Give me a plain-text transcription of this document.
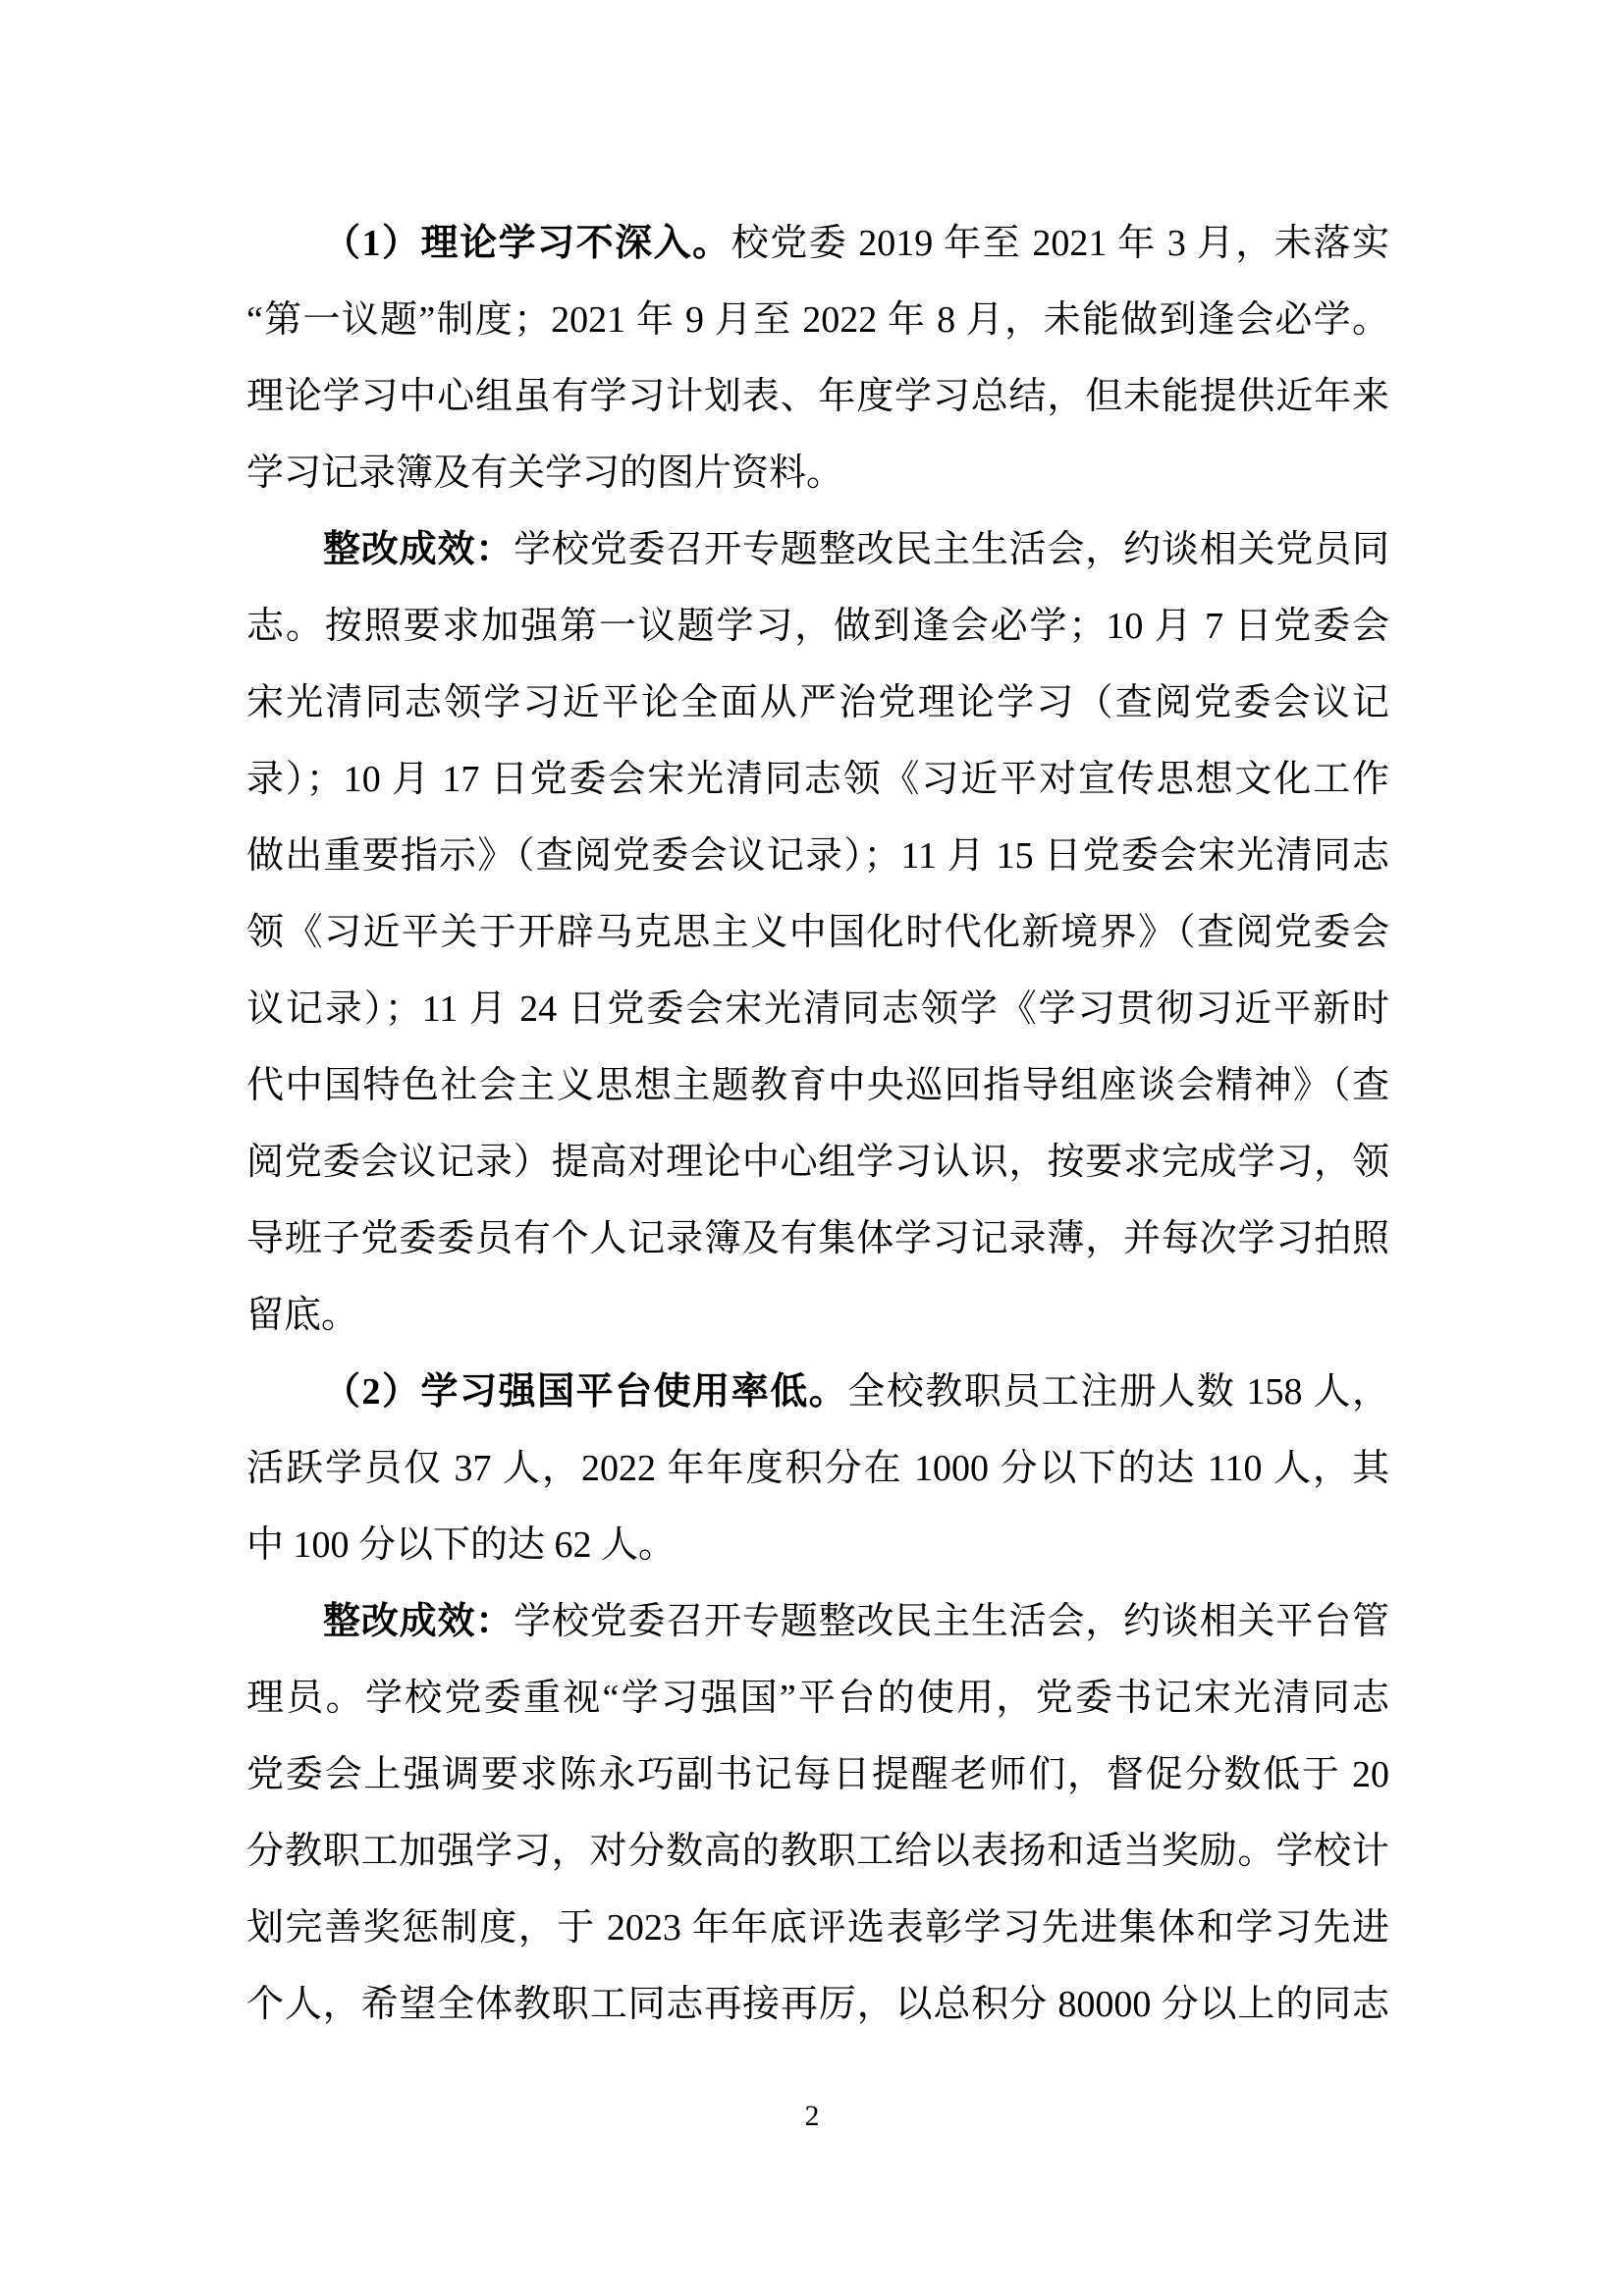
（1）理论学习不深入。校党委 2019 年至 2021 年 3 月，未落实
“第一议题”制度；2021 年 9 月至 2022 年 8 月，未能做到逢会必学。
理论学习中心组虽有学习计划表、年度学习总结，但未能提供近年来
学习记录簿及有关学习的图片资料。
整改成效：学校党委召开专题整改民主生活会，约谈相关党员同
志。按照要求加强第一议题学习，做到逢会必学；10 月 7 日党委会
宋光清同志领学习近平论全面从严治党理论学习（查阅党委会议记
录）；10 月 17 日党委会宋光清同志领《习近平对宣传思想文化工作
做出重要指示》（查阅党委会议记录）；11 月 15 日党委会宋光清同志
领《习近平关于开辟马克思主义中国化时代化新境界》（查阅党委会
议记录）；11 月 24 日党委会宋光清同志领学《学习贯彻习近平新时
代中国特色社会主义思想主题教育中央巡回指导组座谈会精神》（查
阅党委会议记录）提高对理论中心组学习认识，按要求完成学习，领
导班子党委委员有个人记录簿及有集体学习记录薄，并每次学习拍照
留底。
（2）学习强国平台使用率低。全校教职员工注册人数 158 人，
活跃学员仅 37 人，2022 年年度积分在 1000 分以下的达 110 人，其
中 100 分以下的达 62 人。
整改成效：学校党委召开专题整改民主生活会，约谈相关平台管
理员。学校党委重视“学习强国”平台的使用，党委书记宋光清同志
党委会上强调要求陈永巧副书记每日提醒老师们，督促分数低于 20
分教职工加强学习，对分数高的教职工给以表扬和适当奖励。学校计
划完善奖惩制度，于 2023 年年底评选表彰学习先进集体和学习先进
个人，希望全体教职工同志再接再厉，以总积分 80000 分以上的同志
2
